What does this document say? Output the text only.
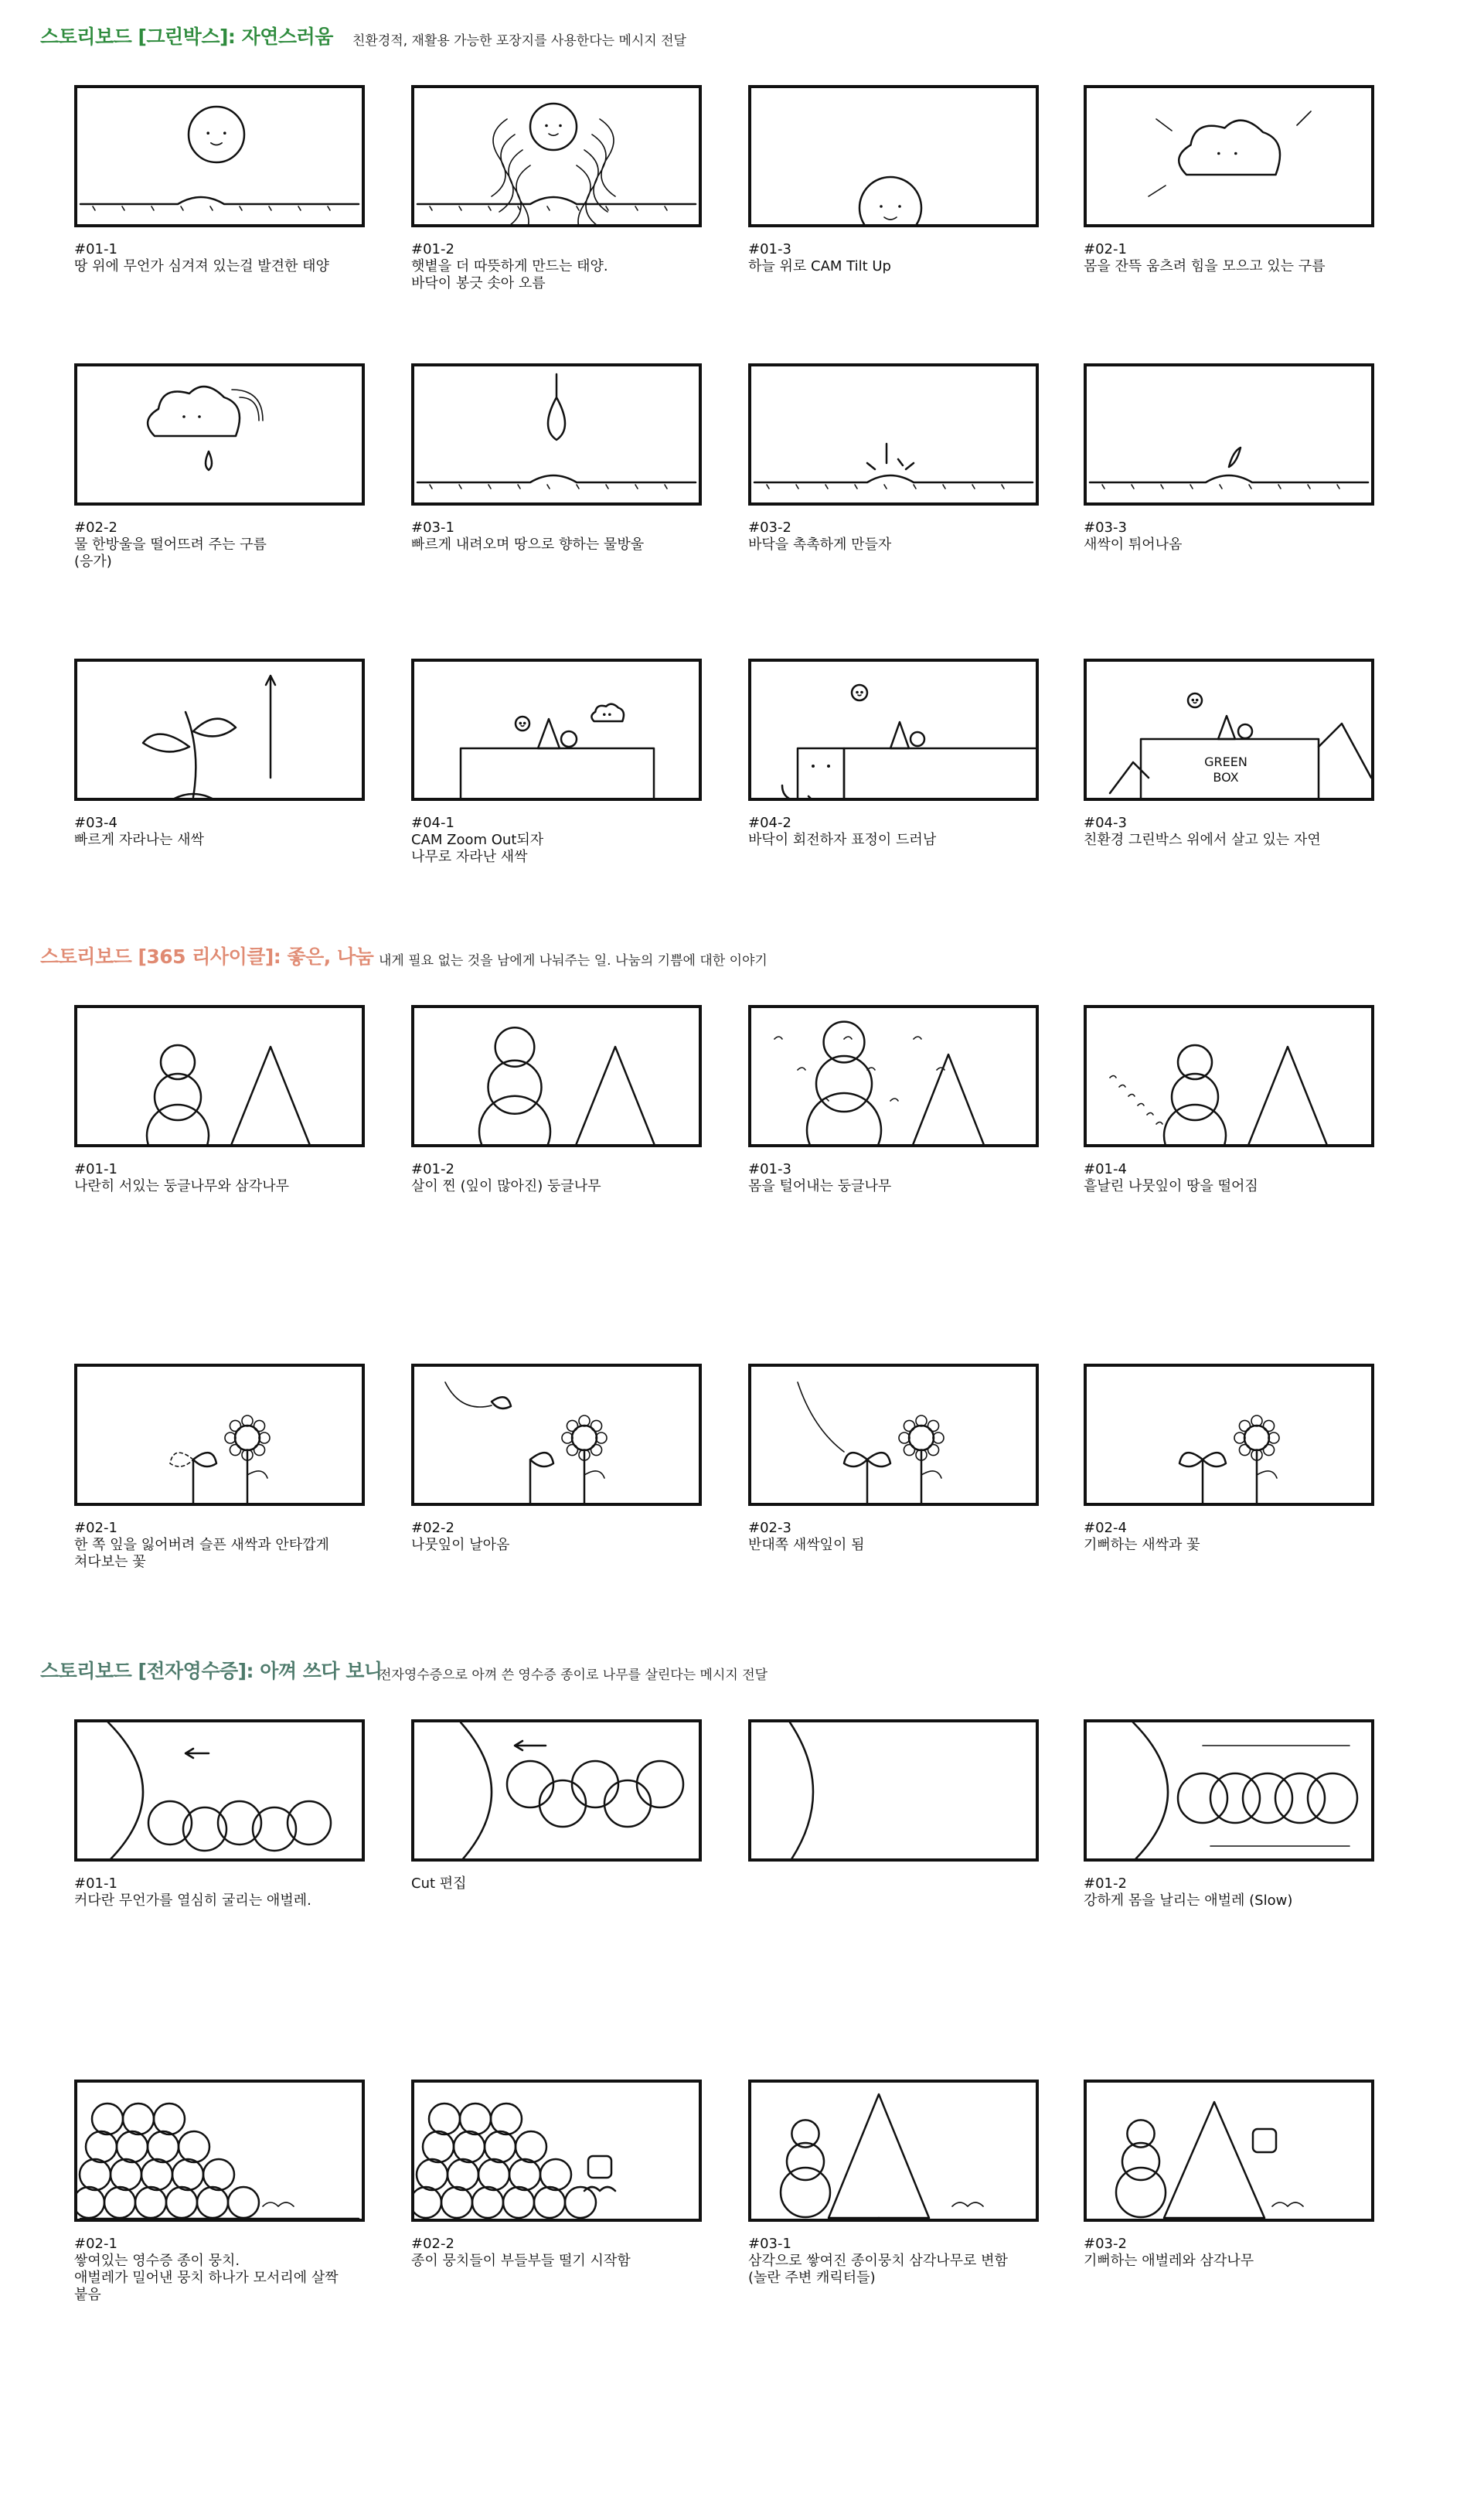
스토리보드 [그린박스]: 자연스러움 친환경적, 재활용 가능한 포장지를 사용한다는 메시지 전달
#01-1
땅 위에 무언가 심겨져 있는걸 발견한 태양
#01-2
햇볕을 더 따뜻하게 만드는 태양.
바닥이 봉긋 솟아 오름
#01-3
하늘 위로 CAM Tilt Up
#02-1
몸을 잔뜩 움츠려 힘을 모으고 있는 구름
#02-2
물 한방울을 떨어뜨려 주는 구름
(응가)
#03-1
빠르게 내려오며 땅으로 향하는 물방울
#03-2
바닥을 촉촉하게 만들자
#03-3
새싹이 튀어나옴
#03-4
빠르게 자라나는 새싹
#04-1
CAM Zoom Out되자
나무로 자라난 새싹
#04-2
바닥이 회전하자 표정이 드러남
GREEN
BOX
#04-3
친환경 그린박스 위에서 살고 있는 자연
스토리보드 [365 리사이클]: 좋은, 나눔 내게 필요 없는 것을 남에게 나눠주는 일. 나눔의 기쁨에 대한 이야기
#01-1
나란히 서있는 둥글나무와 삼각나무
#01-2
살이 찐 (잎이 많아진) 둥글나무
#01-3
몸을 털어내는 둥글나무
#01-4
흩날린 나뭇잎이 땅을 떨어짐
#02-1
한 쪽 잎을 잃어버려 슬픈 새싹과 안타깝게
쳐다보는 꽃
#02-2
나뭇잎이 날아옴
#02-3
반대쪽 새싹잎이 됨
#02-4
기뻐하는 새싹과 꽃
스토리보드 [전자영수증]: 아껴 쓰다 보니
전자영수증으로 아껴 쓴 영수증 종이로 나무를 살린다는 메시지 전달
#01-1
커다란 무언가를 열심히 굴리는 애벌레.
Cut 편집	#01-2
강하게 몸을 날리는 애벌레 (Slow)
#02-1
쌓여있는 영수증 종이 뭉치.
애벌레가 밀어낸 뭉치 하나가 모서리에 살짝
붙음
#02-2
종이 뭉치들이 부들부들 떨기 시작함
#03-1
삼각으로 쌓여진 종이뭉치 삼각나무로 변함
(놀란 주변 캐릭터들)
#03-2
기뻐하는 애벌레와 삼각나무
